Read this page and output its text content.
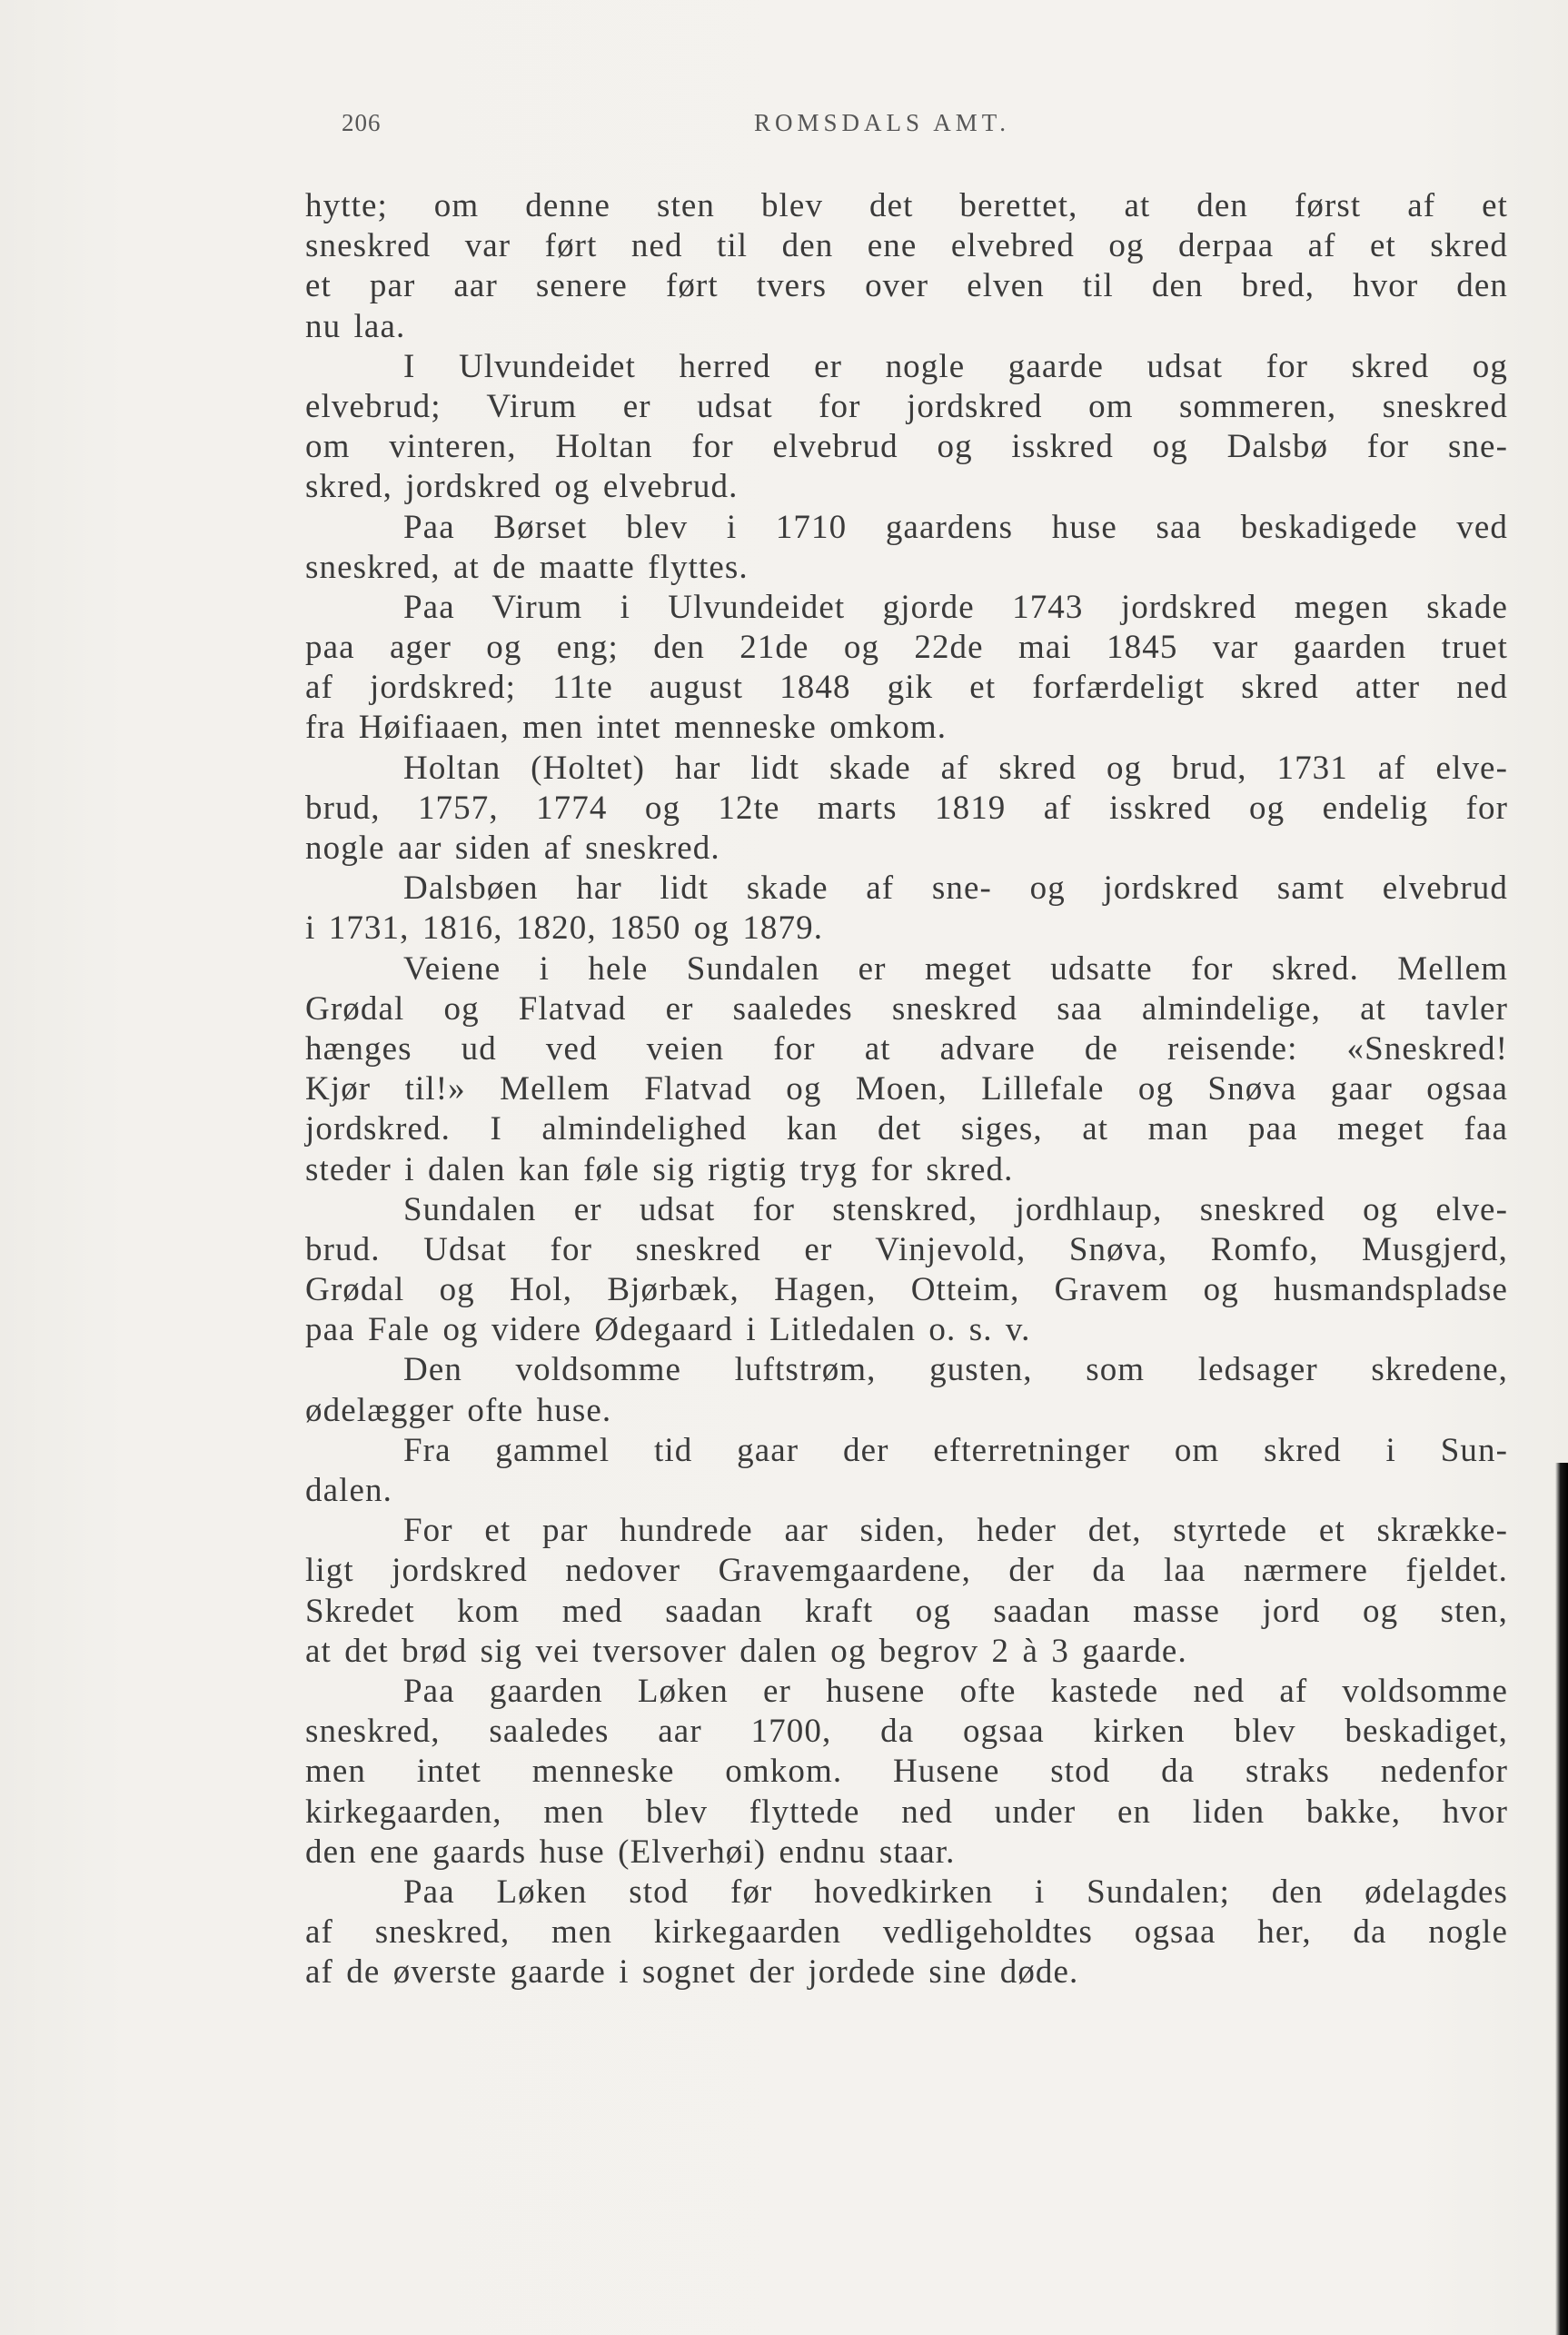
206	ROMSDALS AMT.
hytte; om denne sten blev det berettet, at den først af et
sneskred var ført ned til den ene elvebred og derpaa af et skred
et par aar senere ført tvers over elven til den bred, hvor den
nu laa.
I Ulvundeidet herred er nogle gaarde udsat for skred og
elvebrud; Virum er udsat for jordskred om sommeren, sneskred
om vinteren, Holtan for elvebrud og isskred og Dalsbø for sne-
skred, jordskred og elvebrud.
Paa Børset blev i 1710 gaardens huse saa beskadigede ved
sneskred, at de maatte flyttes.
Paa Virum i Ulvundeidet gjorde 1743 jordskred megen skade
paa ager og eng; den 21de og 22de mai 1845 var gaarden truet
af jordskred; 11te august 1848 gik et forfærdeligt skred atter ned
fra Høifiaaen, men intet menneske omkom.
Holtan (Holtet) har lidt skade af skred og brud, 1731 af elve-
brud, 1757, 1774 og 12te marts 1819 af isskred og endelig for
nogle aar siden af sneskred.
Dalsbøen har lidt skade af sne- og jordskred samt elvebrud
i 1731, 1816, 1820, 1850 og 1879.
Veiene i hele Sundalen er meget udsatte for skred. Mellem
Grødal og Flatvad er saaledes sneskred saa almindelige, at tavler
hænges ud ved veien for at advare de reisende: «Sneskred!
Kjør til!» Mellem Flatvad og Moen, Lillefale og Snøva gaar ogsaa
jordskred. I almindelighed kan det siges, at man paa meget faa
steder i dalen kan føle sig rigtig tryg for skred.
Sundalen er udsat for stenskred, jordhlaup, sneskred og elve-
brud. Udsat for sneskred er Vinjevold, Snøva, Romfo, Musgjerd,
Grødal og Hol, Bjørbæk, Hagen, Otteim, Gravem og husmandspladse
paa Fale og videre Ødegaard i Litledalen o. s. v.
Den voldsomme luftstrøm, gusten, som ledsager skredene,
ødelægger ofte huse.
Fra gammel tid gaar der efterretninger om skred i Sun-
dalen.
For et par hundrede aar siden, heder det, styrtede et skrække-
ligt jordskred nedover Gravemgaardene, der da laa nærmere fjeldet.
Skredet kom med saadan kraft og saadan masse jord og sten,
at det brød sig vei tversover dalen og begrov 2 à 3 gaarde.
Paa gaarden Løken er husene ofte kastede ned af voldsomme
sneskred, saaledes aar 1700, da ogsaa kirken blev beskadiget,
men intet menneske omkom. Husene stod da straks nedenfor
kirkegaarden, men blev flyttede ned under en liden bakke, hvor
den ene gaards huse (Elverhøi) endnu staar.
Paa Løken stod før hovedkirken i Sundalen; den ødelagdes
af sneskred, men kirkegaarden vedligeholdtes ogsaa her, da nogle
af de øverste gaarde i sognet der jordede sine døde.
